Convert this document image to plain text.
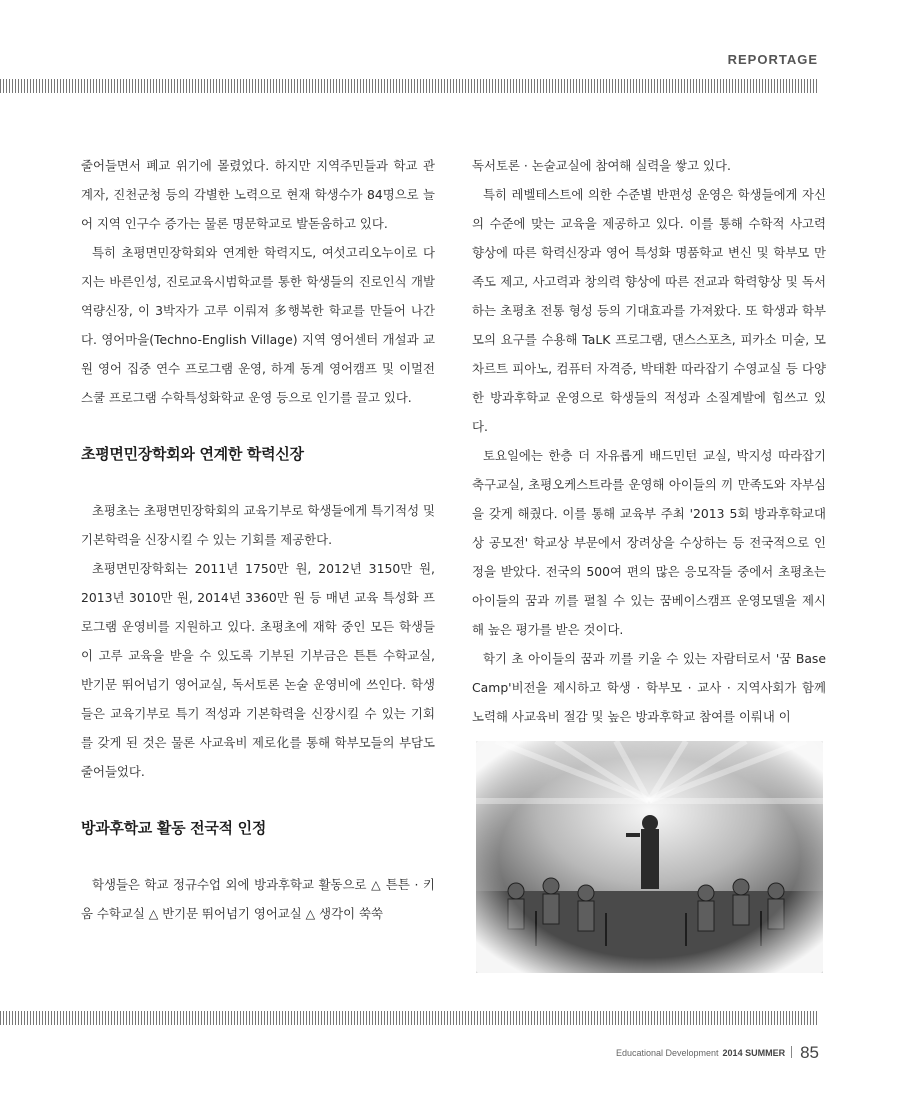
REPORTAGE

줄어들면서 폐교 위기에 몰렸었다. 하지만 지역주민들과 학교 관계자, 진천군청 등의 각별한 노력으로 현재 학생수가 84명으로 늘어 지역 인구수 증가는 물론 명문학교로 발돋움하고 있다.

특히 초평면민장학회와 연계한 학력지도, 여섯고리오누이로 다지는 바른인성, 진로교육시범학교를 통한 학생들의 진로인식 개발역량신장, 이 3박자가 고루 이뤄져 多행복한 학교를 만들어 나간다. 영어마을(Techno-English Village) 지역 영어센터 개설과 교원 영어 집중 연수 프로그램 운영, 하계 동계 영어캠프 및 이멀전 스쿨 프로그램 수학특성화학교 운영 등으로 인기를 끌고 있다.

초평면민장학회와 연계한 학력신장

초평초는 초평면민장학회의 교육기부로 학생들에게 특기적성 및 기본학력을 신장시킬 수 있는 기회를 제공한다.

초평면민장학회는 2011년 1750만 원, 2012년 3150만 원, 2013년 3010만 원, 2014년 3360만 원 등 매년 교육 특성화 프로그램 운영비를 지원하고 있다. 초평초에 재학 중인 모든 학생들이 고루 교육을 받을 수 있도록 기부된 기부금은 튼튼 수학교실, 반기문 뛰어넘기 영어교실, 독서토론 논술 운영비에 쓰인다. 학생들은 교육기부로 특기 적성과 기본학력을 신장시킬 수 있는 기회를 갖게 된 것은 물론 사교육비 제로化를 통해 학부모들의 부담도 줄어들었다.

방과후학교 활동 전국적 인정

학생들은 학교 정규수업 외에 방과후학교 활동으로 △ 튼튼 · 키움 수학교실 △ 반기문 뛰어넘기 영어교실 △ 생각이 쑥쑥

독서토론 · 논술교실에 참여해 실력을 쌓고 있다.

특히 레벨테스트에 의한 수준별 반편성 운영은 학생들에게 자신의 수준에 맞는 교육을 제공하고 있다. 이를 통해 수학적 사고력 향상에 따른 학력신장과 영어 특성화 명품학교 변신 및 학부모 만족도 제고, 사고력과 창의력 향상에 따른 전교과 학력향상 및 독서하는 초평초 전통 형성 등의 기대효과를 가져왔다. 또 학생과 학부모의 요구를 수용해 TaLK 프로그램, 댄스스포츠, 피카소 미술, 모차르트 피아노, 컴퓨터 자격증, 박태환 따라잡기 수영교실 등 다양한 방과후학교 운영으로 학생들의 적성과 소질계발에 힘쓰고 있다.

토요일에는 한층 더 자유롭게 배드민턴 교실, 박지성 따라잡기 축구교실, 초평오케스트라를 운영해 아이들의 끼 만족도와 자부심을 갖게 해줬다. 이를 통해 교육부 주최 '2013 5회 방과후학교대상 공모전' 학교상 부문에서 장려상을 수상하는 등 전국적으로 인정을 받았다. 전국의 500여 편의 많은 응모작들 중에서 초평초는 아이들의 꿈과 끼를 펼칠 수 있는 꿈베이스캠프 운영모델을 제시해 높은 평가를 받은 것이다.

학기 초 아이들의 꿈과 끼를 키울 수 있는 자람터로서 '꿈 Base Camp'비전을 제시하고 학생 · 학부모 · 교사 · 지역사회가 함께 노력해 사교육비 절감 및 높은 방과후학교 참여를 이뤄내 이

Educational Development 2014 SUMMER 85
